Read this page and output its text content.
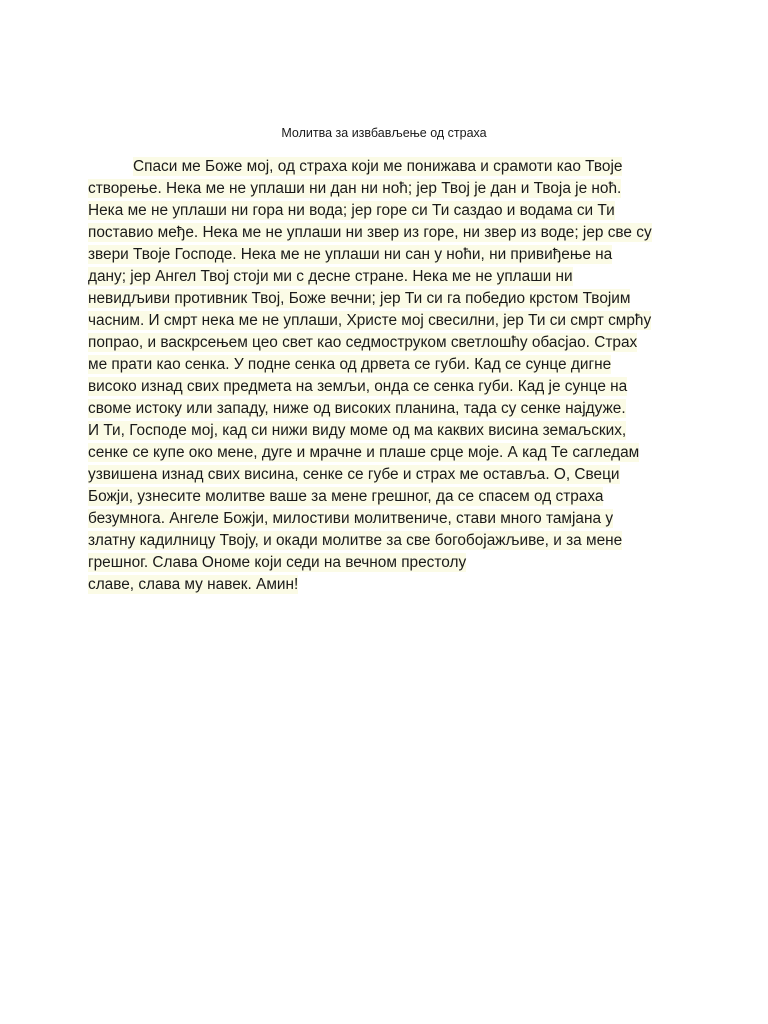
Молитва за извбављење од страха
Спаси ме Боже мој, од страха који ме понижава и срамоти као Твоје
створење. Нека ме не уплаши ни дан ни ноћ; јер Твој је дан и Твоја је ноћ.
Нека ме не уплаши ни гора ни вода; јер горе си Ти саздао и водама си Ти
поставио међе. Нека ме не уплаши ни звер из горе, ни звер из воде; јер све су
звери Твоје Господе. Нека ме не уплаши ни сан у ноћи, ни привиђење на
дану; јер Ангел Твој стоји ми с десне стране. Нека ме не уплаши ни
невидљиви противник Твој, Боже вечни; јер Ти си га победио крстом Твојим
часним. И смрт нека ме не уплаши, Христе мој свесилни, јер Ти си смрт смрћу
попрао, и васкрсењем цео свет као седмоструком светлошћу обасјао. Страх
ме прати као сенка. У подне сенка од дрвета се губи. Кад се сунце дигне
високо изнад свих предмета на земљи, онда се сенка губи. Кад је сунце на
своме истоку или западу, ниже од високих планина, тада су сенке најдуже.
И Ти, Господе мој, кад си нижи виду моме од ма каквих висина земаљских,
сенке се купе око мене, дуге и мрачне и плаше срце моје. А кад Те сагледам
узвишена изнад свих висина, сенке се губе и страх ме оставља. О, Свеци
Божји, узнесите молитве ваше за мене грешног, да се спасем од страха
безумнога. Ангеле Божји, милостиви молитвениче, стави много тамјана у
златну кадилницу Твоју, и окади молитве за све богобојажљиве, и за мене
грешног. Слава Ономе који седи на вечном престолу
славе, слава му навек. Амин!
